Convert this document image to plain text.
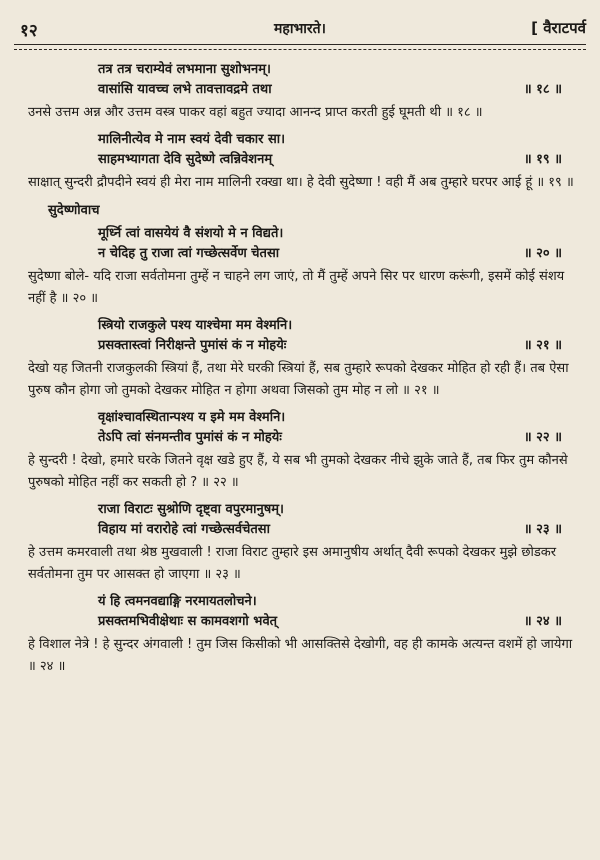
१२	महाभारते।	[ वैराटपर्व
तत्र तत्र चराम्येवं लभमाना सुशोभनम्।
वासांसि यावच्च लभे तावत्तावद्रमे तथा	॥ १८ ॥
उनसे उत्तम अन्न और उत्तम वस्त्र पाकर वहां बहुत ज्यादा आनन्द प्राप्त करती हुई घूमती थी ॥ १८ ॥
मालिनीत्येव मे नाम स्वयं देवी चकार सा।
साहमभ्यागता देवि सुदेष्णे त्वन्निवेशनम्	॥ १९ ॥
साक्षात् सुन्दरी द्रौपदीने स्वयं ही मेरा नाम मालिनी रक्खा था। हे देवी सुदेष्णा ! वही मैं अब तुम्हारे घरपर आई हूं ॥ १९ ॥
सुदेष्णोवाच
मूर्ध्नि त्वां वासयेयं वै संशयो मे न विद्यते।
न चेदिह तु राजा त्वां गच्छेत्सर्वेण चेतसा	॥ २० ॥
सुदेष्णा बोले- यदि राजा सर्वतोमना तुम्हें न चाहने लग जाएं, तो मैं तुम्हें अपने सिर पर धारण करूंगी, इसमें कोई संशय नहीं है ॥ २० ॥
स्त्रियो राजकुले पश्य याश्चेमा मम वेश्मनि।
प्रसक्तास्त्वां निरीक्षन्ते पुमांसं कं न मोहयेः	॥ २१ ॥
देखो यह जितनी राजकुलकी स्त्रियां हैं, तथा मेरे घरकी स्त्रियां हैं, सब तुम्हारे रूपको देखकर मोहित हो रही हैं। तब ऐसा पुरुष कौन होगा जो तुमको देखकर मोहित न होगा अथवा जिसको तुम मोह न लो ॥ २१ ॥
वृक्षांश्चावस्थितान्पश्य य इमे मम वेश्मनि।
तेऽपि त्वां संनमन्तीव पुमांसं कं न मोहयेः	॥ २२ ॥
हे सुन्दरी ! देखो, हमारे घरके जितने वृक्ष खडे हुए हैं, ये सब भी तुमको देखकर नीचे झुके जाते हैं, तब फिर तुम कौनसे पुरुषको मोहित नहीं कर सकती हो ? ॥ २२ ॥
राजा विराटः सुश्रोणि दृष्ट्वा वपुरमानुषम्।
विहाय मां वरारोहे त्वां गच्छेत्सर्वचेतसा	॥ २३ ॥
हे उत्तम कमरवाली तथा श्रेष्ठ मुखवाली ! राजा विराट तुम्हारे इस अमानुषीय अर्थात् दैवी रूपको देखकर मुझे छोडकर सर्वतोमना तुम पर आसक्त हो जाएगा ॥ २३ ॥
यं हि त्वमनवद्याङ्गि नरमायतलोचने।
प्रसक्तमभिवीक्षेथाः स कामवशगो भवेत्	॥ २४ ॥
हे विशाल नेत्रे ! हे सुन्दर अंगवाली ! तुम जिस किसीको भी आसक्तिसे देखोगी, वह ही कामके अत्यन्त वशमें हो जायेगा ॥ २४ ॥
